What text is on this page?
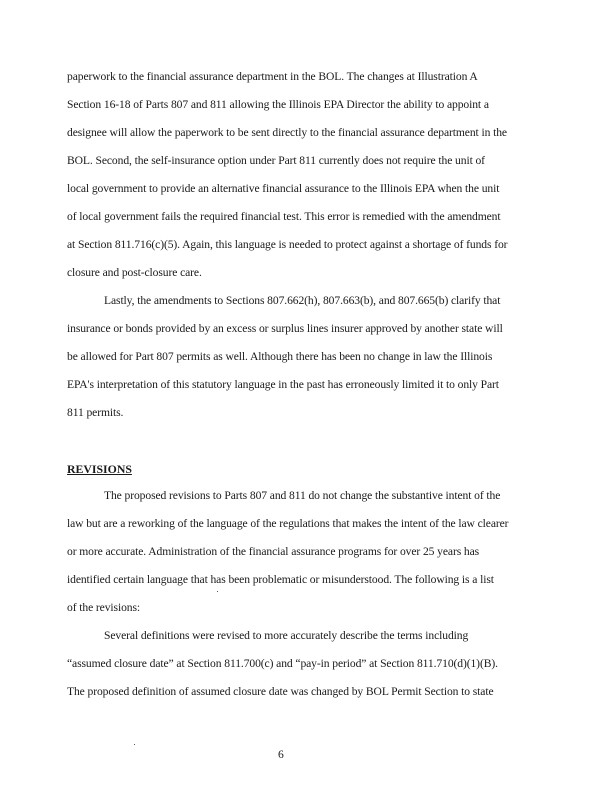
paperwork to the financial assurance department in the BOL. The changes at Illustration A
Section 16-18 of Parts 807 and 811 allowing the Illinois EPA Director the ability to appoint a
designee will allow the paperwork to be sent directly to the financial assurance department in the
BOL. Second, the self-insurance option under Part 811 currently does not require the unit of
local government to provide an alternative financial assurance to the Illinois EPA when the unit
of local government fails the required financial test. This error is remedied with the amendment
at Section 811.716(c)(5). Again, this language is needed to protect against a shortage of funds for
closure and post-closure care.
Lastly, the amendments to Sections 807.662(h), 807.663(b), and 807.665(b) clarify that
insurance or bonds provided by an excess or surplus lines insurer approved by another state will
be allowed for Part 807 permits as well. Although there has been no change in law the Illinois
EPA's interpretation of this statutory language in the past has erroneously limited it to only Part
811 permits.
REVISIONS
The proposed revisions to Parts 807 and 811 do not change the substantive intent of the
law but are a reworking of the language of the regulations that makes the intent of the law clearer
or more accurate. Administration of the financial assurance programs for over 25 years has
identified certain language that has been problematic or misunderstood. The following is a list
of the revisions:
Several definitions were revised to more accurately describe the terms including
“assumed closure date” at Section 811.700(c) and “pay-in period” at Section 811.710(d)(1)(B).
The proposed definition of assumed closure date was changed by BOL Permit Section to state
6
